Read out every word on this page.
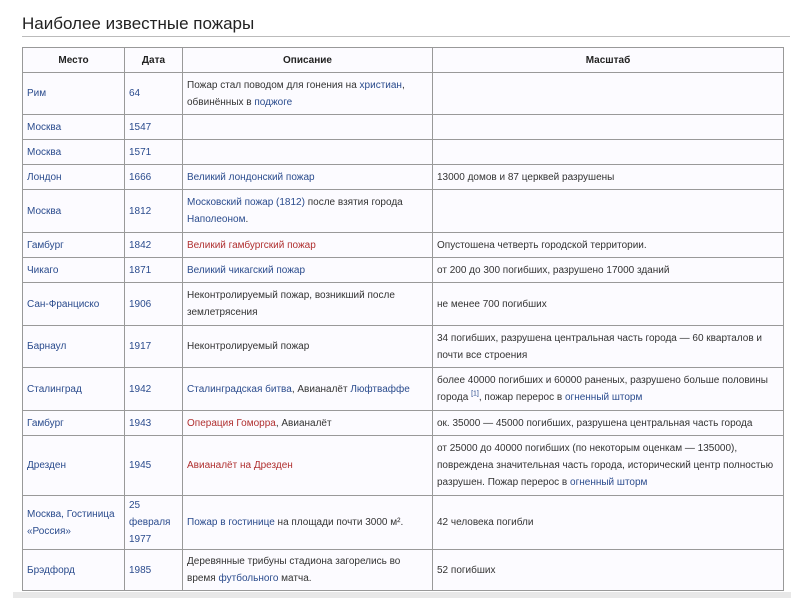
Наиболее известные пожары
Место	Дата	Описание	Масштаб
Рим	64	Пожар стал поводом для гонения на христиан, обвинённых в поджоге	
Москва	1547		
Москва	1571		
Лондон	1666	Великий лондонский пожар	13000 домов и 87 церквей разрушены
Москва	1812	Московский пожар (1812) после взятия города Наполеоном.	
Гамбург	1842	Великий гамбургский пожар	Опустошена четверть городской территории.
Чикаго	1871	Великий чикагский пожар	от 200 до 300 погибших, разрушено 17000 зданий
Сан-Франциско	1906	Неконтролируемый пожар, возникший после землетрясения	не менее 700 погибших
Барнаул	1917	Неконтролируемый пожар	34 погибших, разрушена центральная часть города — 60 кварталов и почти все строения
Сталинград	1942	Сталинградская битва, Авианалёт Люфтваффе	более 40000 погибших и 60000 раненых, разрушено больше половины города [1], пожар перерос в огненный шторм
Гамбург	1943	Операция Гоморра, Авианалёт	ок. 35000 — 45000 погибших, разрушена центральная часть города
Дрезден	1945	Авианалёт на Дрезден	от 25000 до 40000 погибших (по некоторым оценкам — 135000), повреждена значительная часть города, исторический центр полностью разрушен. Пожар перерос в огненный шторм
Москва, Гостиница «Россия»	25 февраля 1977	Пожар в гостинице на площади почти 3000 м².	42 человека погибли
Брэдфорд	1985	Деревянные трибуны стадиона загорелись во время футбольного матча.	52 погибших
